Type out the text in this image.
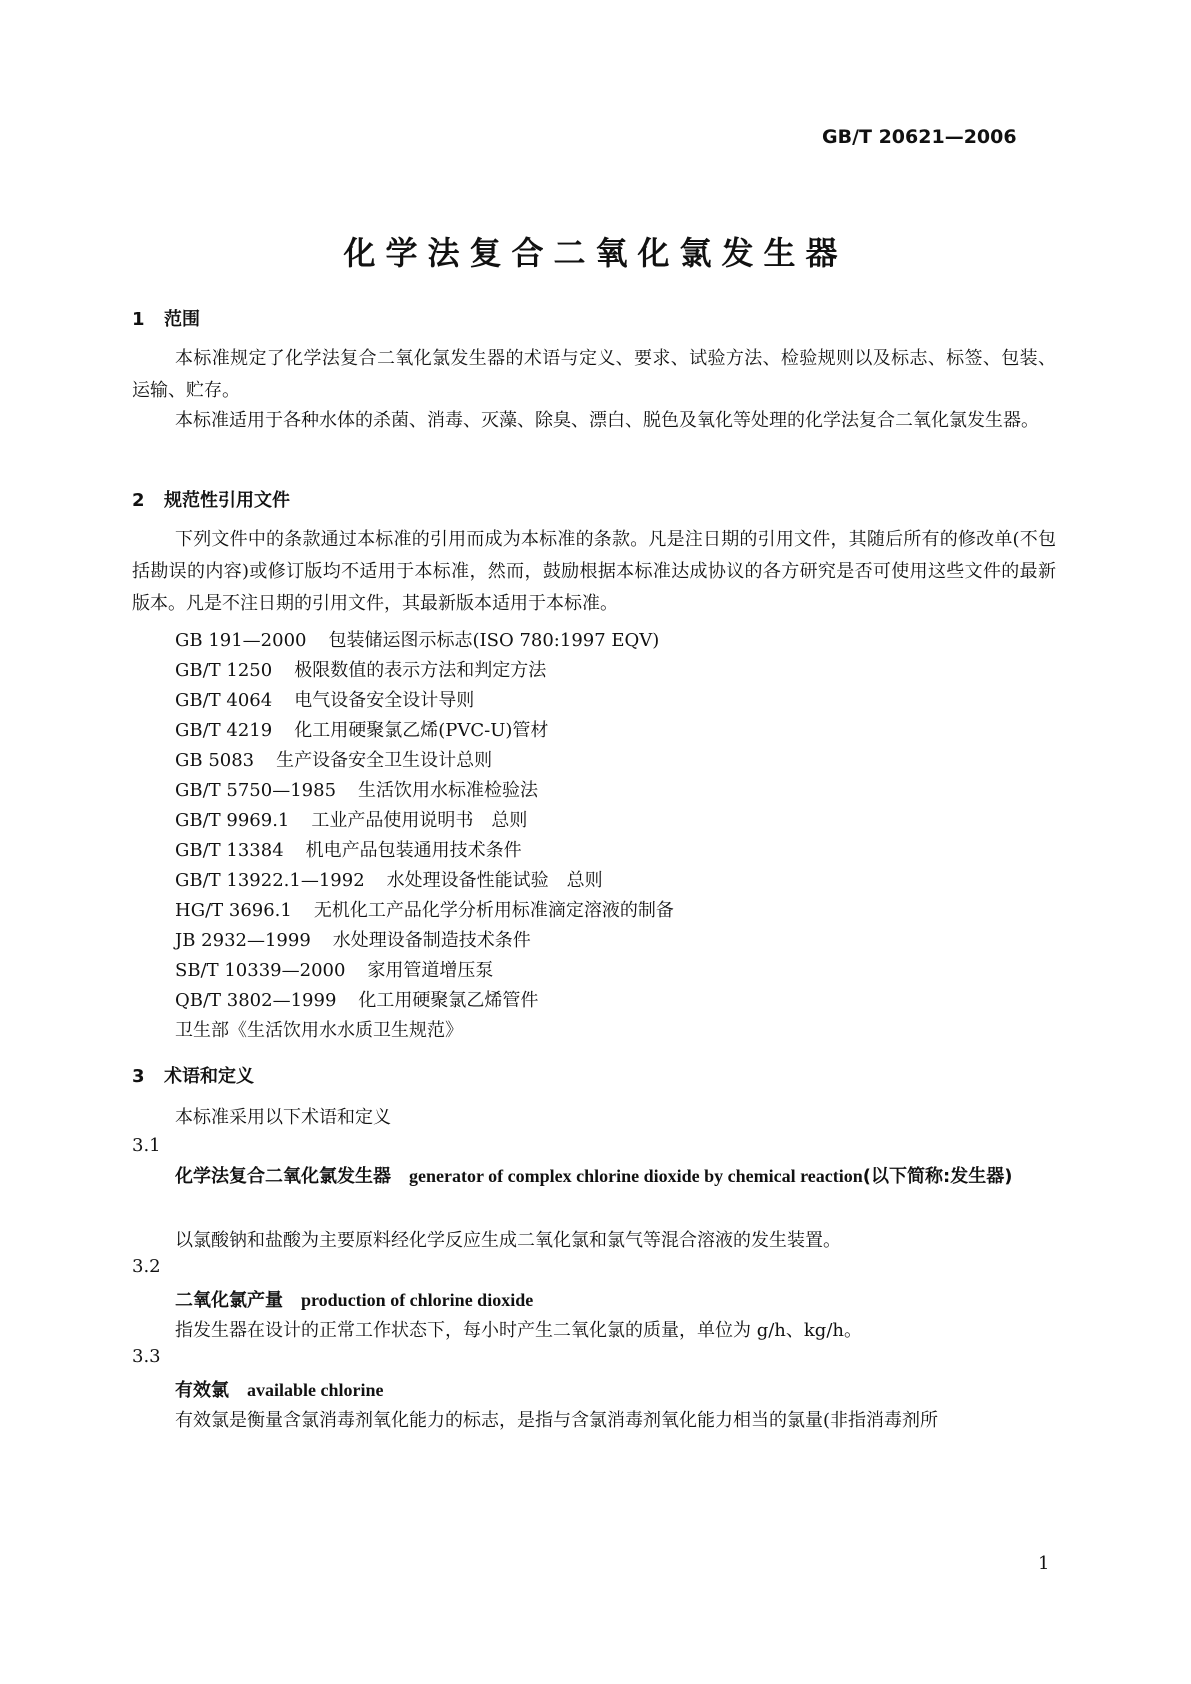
GB/T 20621—2006
化学法复合二氧化氯发生器
1 范围
本标准规定了化学法复合二氧化氯发生器的术语与定义、要求、试验方法、检验规则以及标志、标签、包装、运输、贮存。
本标准适用于各种水体的杀菌、消毒、灭藻、除臭、漂白、脱色及氧化等处理的化学法复合二氧化氯发生器。
2 规范性引用文件
下列文件中的条款通过本标准的引用而成为本标准的条款。凡是注日期的引用文件，其随后所有的修改单(不包括勘误的内容)或修订版均不适用于本标准，然而，鼓励根据本标准达成协议的各方研究是否可使用这些文件的最新版本。凡是不注日期的引用文件，其最新版本适用于本标准。
GB 191—2000 包装储运图示标志(ISO 780:1997 EQV)
GB/T 1250 极限数值的表示方法和判定方法
GB/T 4064 电气设备安全设计导则
GB/T 4219 化工用硬聚氯乙烯(PVC-U)管材
GB 5083 生产设备安全卫生设计总则
GB/T 5750—1985 生活饮用水标准检验法
GB/T 9969.1 工业产品使用说明书　总则
GB/T 13384 机电产品包装通用技术条件
GB/T 13922.1—1992 水处理设备性能试验　总则
HG/T 3696.1 无机化工产品化学分析用标准滴定溶液的制备
JB 2932—1999 水处理设备制造技术条件
SB/T 10339—2000 家用管道增压泵
QB/T 3802—1999 化工用硬聚氯乙烯管件
卫生部《生活饮用水水质卫生规范》
3 术语和定义
本标准采用以下术语和定义
3.1
化学法复合二氧化氯发生器 generator of complex chlorine dioxide by chemical reaction(以下简称:发生器)
以氯酸钠和盐酸为主要原料经化学反应生成二氧化氯和氯气等混合溶液的发生装置。
3.2
二氧化氯产量 production of chlorine dioxide
指发生器在设计的正常工作状态下，每小时产生二氧化氯的质量，单位为 g/h、kg/h。
3.3
有效氯 available chlorine
有效氯是衡量含氯消毒剂氧化能力的标志，是指与含氯消毒剂氧化能力相当的氯量(非指消毒剂所
1
